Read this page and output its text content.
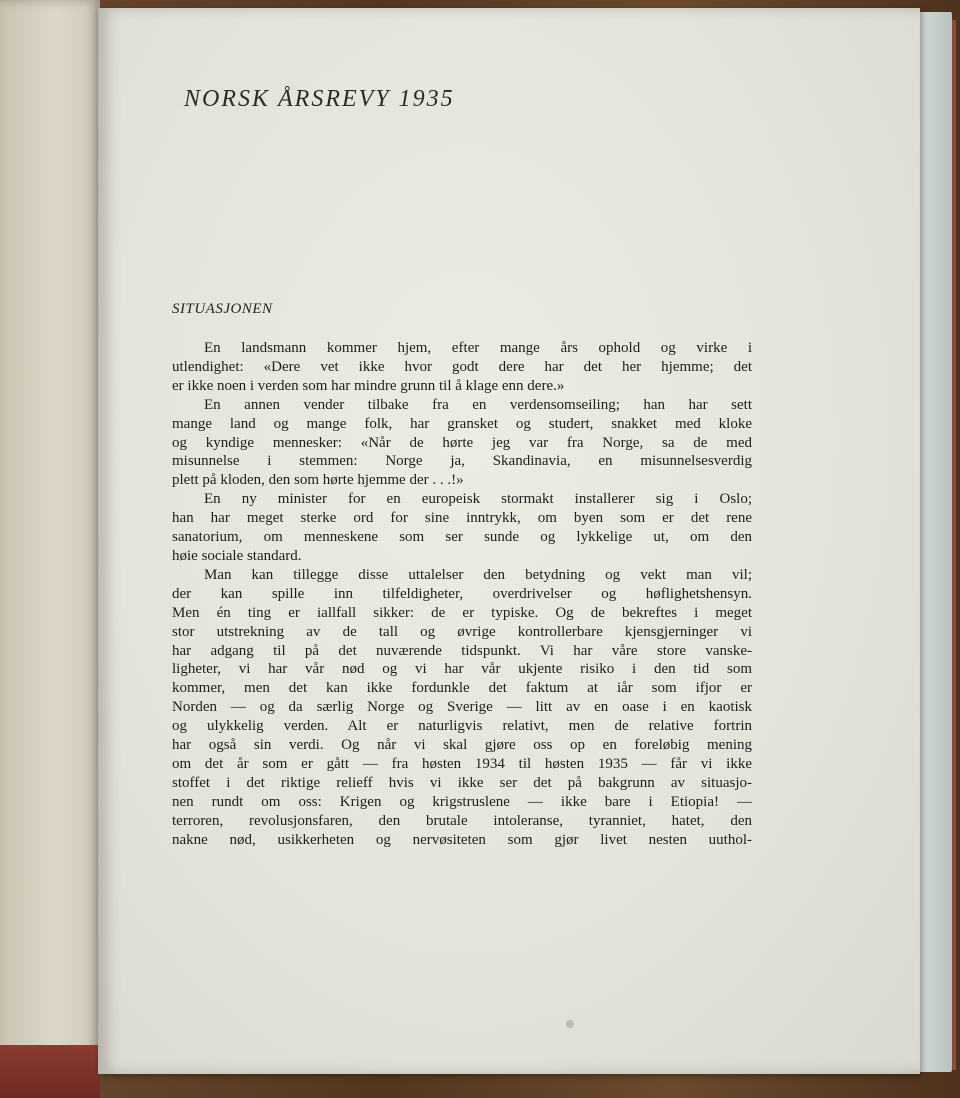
NORSK ÅRSREVY 1935
SITUASJONEN
En landsmann kommer hjem, efter mange års ophold og virke i
utlendighet: «Dere vet ikke hvor godt dere har det her hjemme; det
er ikke noen i verden som har mindre grunn til å klage enn dere.»
En annen vender tilbake fra en verdensomseiling; han har sett
mange land og mange folk, har gransket og studert, snakket med kloke
og kyndige mennesker: «Når de hørte jeg var fra Norge, sa de med
misunnelse i stemmen: Norge ja, Skandinavia, en misunnelsesverdig
plett på kloden, den som hørte hjemme der . . .!»
En ny minister for en europeisk stormakt installerer sig i Oslo;
han har meget sterke ord for sine inntrykk, om byen som er det rene
sanatorium, om menneskene som ser sunde og lykkelige ut, om den
høie sociale standard.
Man kan tillegge disse uttalelser den betydning og vekt man vil;
der kan spille inn tilfeldigheter, overdrivelser og høflighetshensyn.
Men én ting er iallfall sikker: de er typiske. Og de bekreftes i meget
stor utstrekning av de tall og øvrige kontrollerbare kjensgjerninger vi
har adgang til på det nuværende tidspunkt. Vi har våre store vanske-
ligheter, vi har vår nød og vi har vår ukjente risiko i den tid som
kommer, men det kan ikke fordunkle det faktum at iår som ifjor er
Norden — og da særlig Norge og Sverige — litt av en oase i en kaotisk
og ulykkelig verden. Alt er naturligvis relativt, men de relative fortrin
har også sin verdi. Og når vi skal gjøre oss op en foreløbig mening
om det år som er gått — fra høsten 1934 til høsten 1935 — får vi ikke
stoffet i det riktige relieff hvis vi ikke ser det på bakgrunn av situasjo-
nen rundt om oss: Krigen og krigstruslene — ikke bare i Etiopia! —
terroren, revolusjonsfaren, den brutale intoleranse, tyranniet, hatet, den
nakne nød, usikkerheten og nervøsiteten som gjør livet nesten uuthol-
